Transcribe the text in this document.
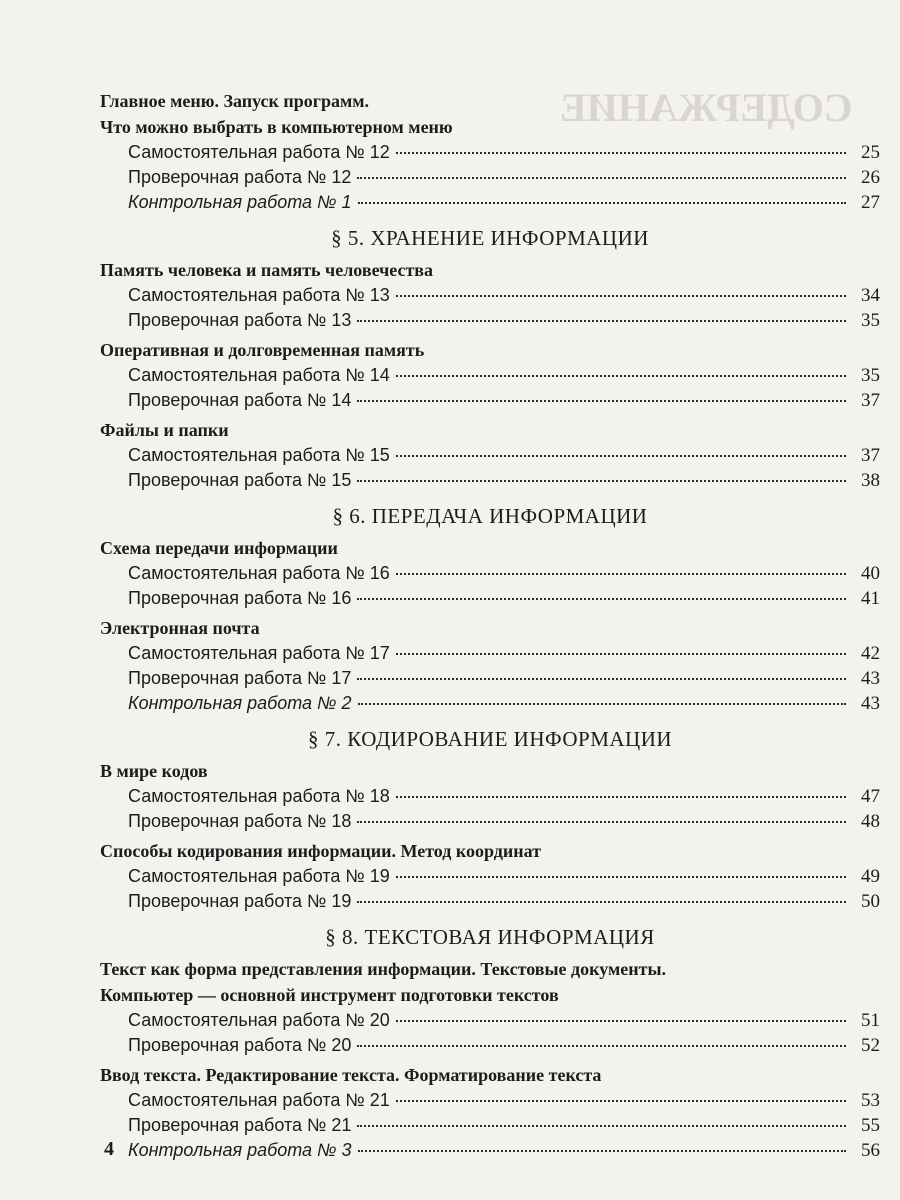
СОДЕРЖАНИЕ
Главное меню. Запуск программ.
Что можно выбрать в компьютерном меню
Самостоятельная работа № 12	25
Проверочная работа № 12	26
Контрольная работа № 1	27
§ 5. ХРАНЕНИЕ ИНФОРМАЦИИ
Память человека и память человечества
Самостоятельная работа № 13	34
Проверочная работа № 13	35
Оперативная и долговременная память
Самостоятельная работа № 14	35
Проверочная работа № 14	37
Файлы и папки
Самостоятельная работа № 15	37
Проверочная работа № 15	38
§ 6. ПЕРЕДАЧА ИНФОРМАЦИИ
Схема передачи информации
Самостоятельная работа № 16	40
Проверочная работа № 16	41
Электронная почта
Самостоятельная работа № 17	42
Проверочная работа № 17	43
Контрольная работа № 2	43
§ 7. КОДИРОВАНИЕ ИНФОРМАЦИИ
В мире кодов
Самостоятельная работа № 18	47
Проверочная работа № 18	48
Способы кодирования информации. Метод координат
Самостоятельная работа № 19	49
Проверочная работа № 19	50
§ 8. ТЕКСТОВАЯ ИНФОРМАЦИЯ
Текст как форма представления информации. Текстовые документы.
Компьютер — основной инструмент подготовки текстов
Самостоятельная работа № 20	51
Проверочная работа № 20	52
Ввод текста. Редактирование текста. Форматирование текста
Самостоятельная работа № 21	53
Проверочная работа № 21	55
Контрольная работа № 3	56
4
